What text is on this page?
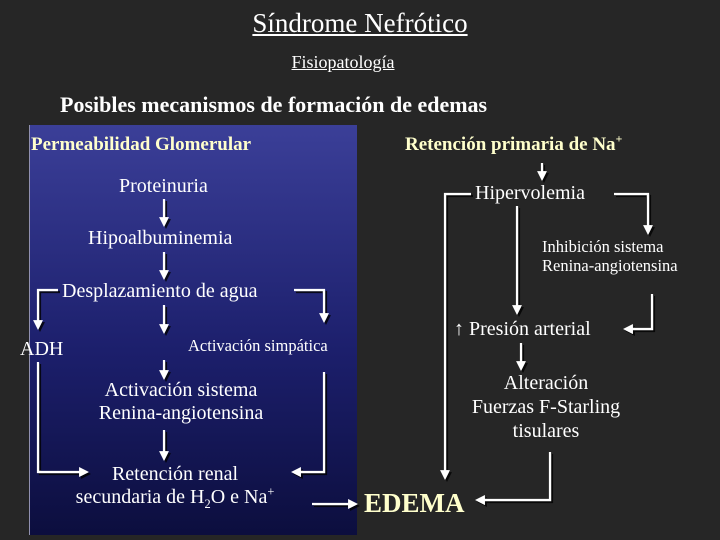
Síndrome Nefrótico
Fisiopatología
Posibles mecanismos de formación de edemas
Permeabilidad Glomerular
Proteinuria
Hipoalbuminemia
Desplazamiento de agua
ADH	Activación simpática
Activación sistema
Renina-angiotensina
Retención renal
secundaria de $H_2O$ e Na+
Retención primaria de Na+
Hipervolemia
Inhibición sistema
Renina-angiotensina
↑ Presión arterial
Alteración
Fuerzas F-Starling
tisulares
EDEMA
